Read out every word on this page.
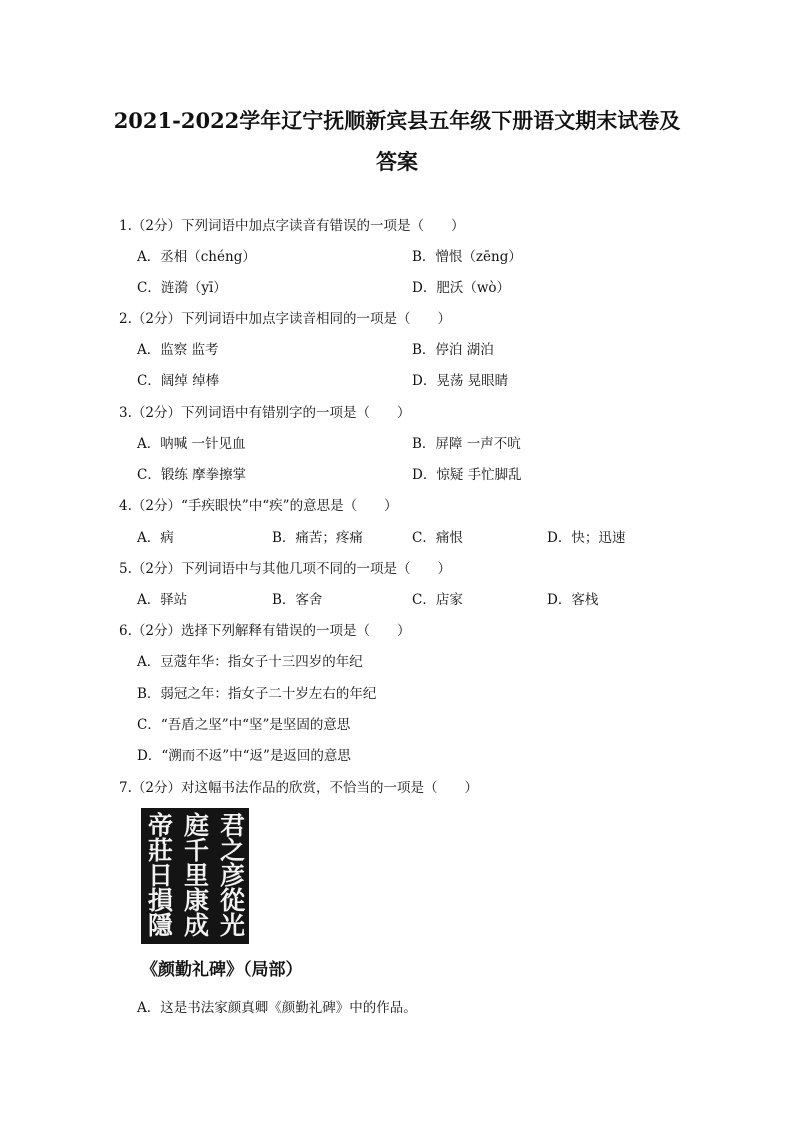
2021-2022学年辽宁抚顺新宾县五年级下册语文期末试卷及
答案
1.（2分）下列词语中加点字读音有错误的一项是（　　）
A．丞相（chéng）	B．憎恨（zēng）
C．涟漪（yī）	D．肥沃（wò）
2.（2分）下列词语中加点字读音相同的一项是（　　）
A．监察 监考	B．停泊 湖泊
C．阔绰 绰棒	D．晃荡 晃眼睛
3.（2分）下列词语中有错别字的一项是（　　）
A．呐喊 一针见血	B．屏障 一声不吭
C．锻练 摩拳擦掌	D．惊疑 手忙脚乱
4.（2分）“手疾眼快”中“疾”的意思是（　　）
A．病	B．痛苦；疼痛	C．痛恨	D．快；迅速
5.（2分）下列词语中与其他几项不同的一项是（　　）
A．驿站	B．客舍	C．店家	D．客栈
6.（2分）选择下列解释有错误的一项是（　　）
A．豆蔻年华：指女子十三四岁的年纪
B．弱冠之年：指女子二十岁左右的年纪
C．“吾盾之坚”中“坚”是坚固的意思
D．“溯而不返”中“返”是返回的意思
7.（2分）对这幅书法作品的欣赏，不恰当的一项是（　　）
君之彦從光
庭千里康成
帝莊日損隱
《颜勤礼碑》（局部）
A．这是书法家颜真卿《颜勤礼碑》中的作品。
